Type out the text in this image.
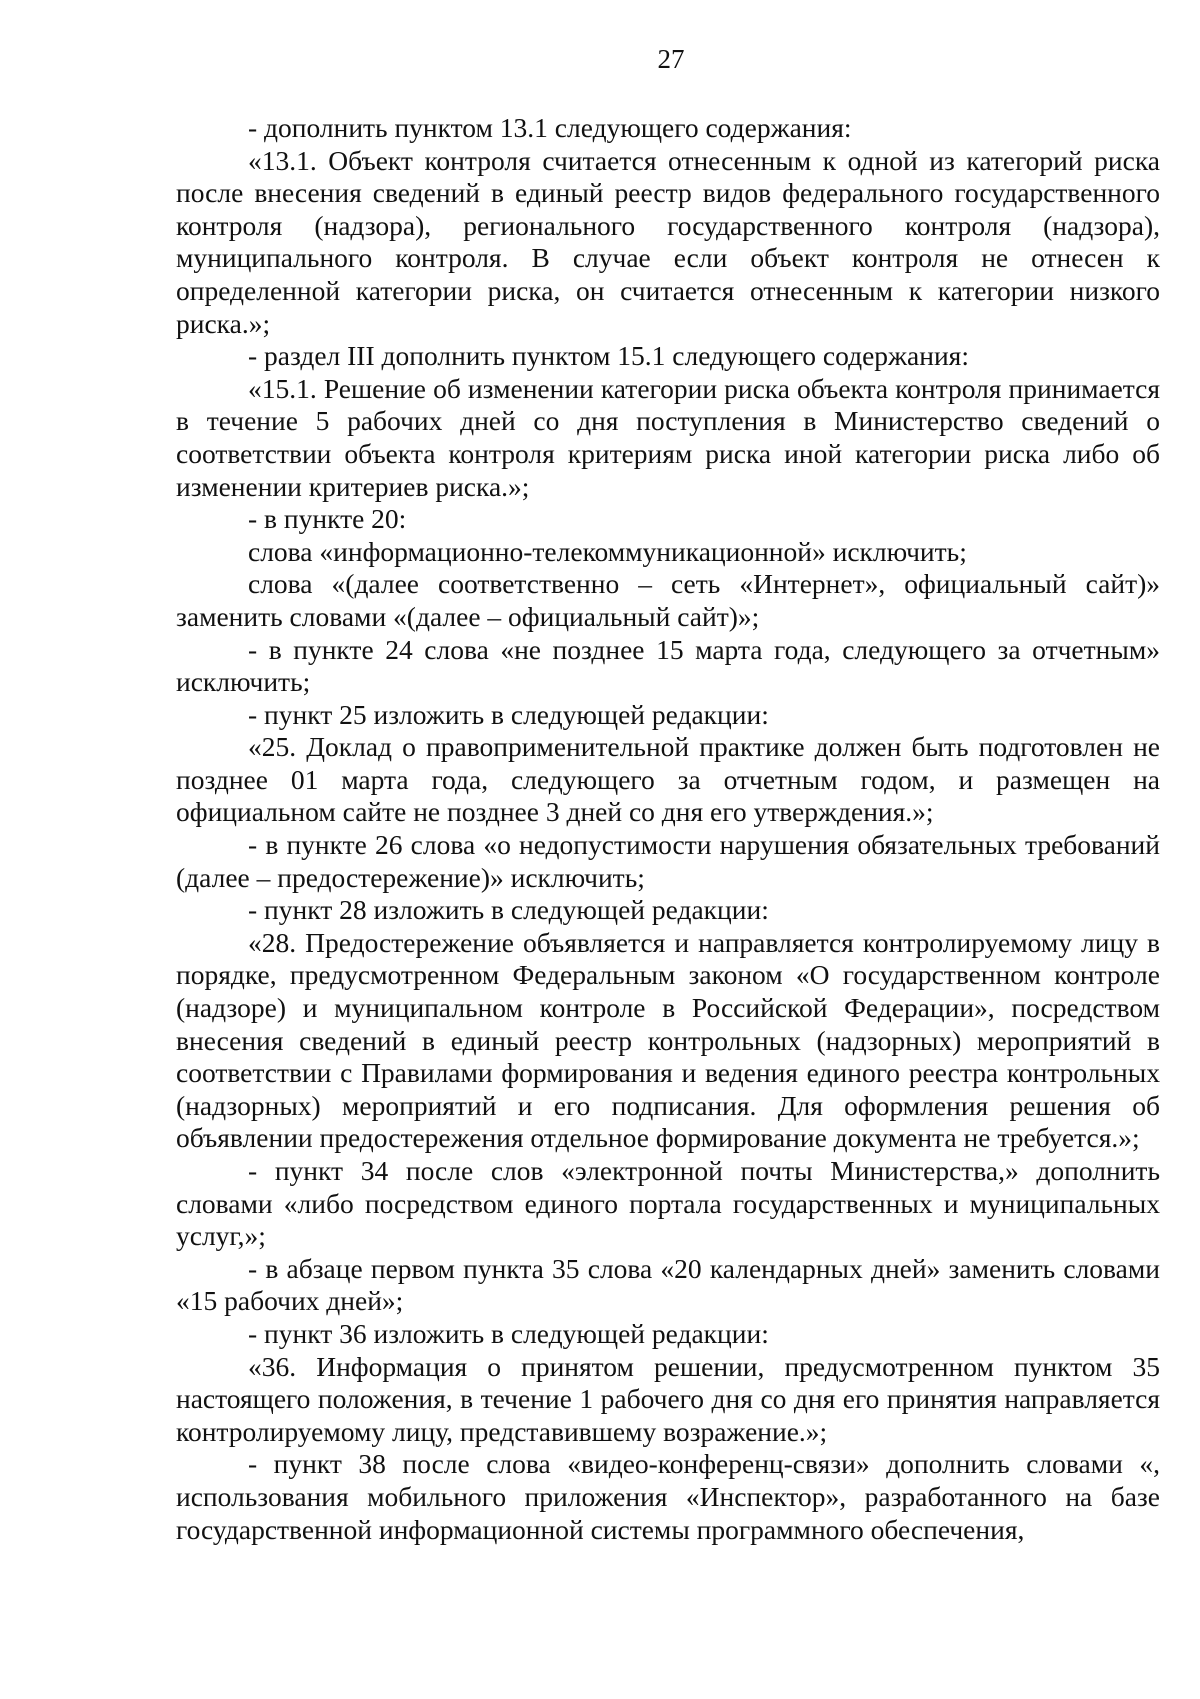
27

- дополнить пунктом 13.1 следующего содержания:

«13.1. Объект контроля считается отнесенным к одной из категорий риска после внесения сведений в единый реестр видов федерального государственного контроля (надзора), регионального государственного контроля (надзора), муниципального контроля. В случае если объект контроля не отнесен к определенной категории риска, он считается отнесенным к категории низкого риска.»;

- раздел III дополнить пунктом 15.1 следующего содержания:

«15.1. Решение об изменении категории риска объекта контроля принимается в течение 5 рабочих дней со дня поступления в Министерство сведений о соответствии объекта контроля критериям риска иной категории риска либо об изменении критериев риска.»;

- в пункте 20:

слова «информационно-телекоммуникационной» исключить;

слова «(далее соответственно – сеть «Интернет», официальный сайт)» заменить словами «(далее – официальный сайт)»;

- в пункте 24 слова «не позднее 15 марта года, следующего за отчетным» исключить;

- пункт 25 изложить в следующей редакции:

«25. Доклад о правоприменительной практике должен быть подготовлен не позднее 01 марта года, следующего за отчетным годом, и размещен на официальном сайте не позднее 3 дней со дня его утверждения.»;

- в пункте 26 слова «о недопустимости нарушения обязательных требований (далее – предостережение)» исключить;

- пункт 28 изложить в следующей редакции:

«28. Предостережение объявляется и направляется контролируемому лицу в порядке, предусмотренном Федеральным законом «О государственном контроле (надзоре) и муниципальном контроле в Российской Федерации», посредством внесения сведений в единый реестр контрольных (надзорных) мероприятий в соответствии с Правилами формирования и ведения единого реестра контрольных (надзорных) мероприятий и его подписания. Для оформления решения об объявлении предостережения отдельное формирование документа не требуется.»;

- пункт 34 после слов «электронной почты Министерства,» дополнить словами «либо посредством единого портала государственных и муниципальных услуг,»;

- в абзаце первом пункта 35 слова «20 календарных дней» заменить словами «15 рабочих дней»;

- пункт 36 изложить в следующей редакции:

«36. Информация о принятом решении, предусмотренном пунктом 35 настоящего положения, в течение 1 рабочего дня со дня его принятия направляется контролируемому лицу, представившему возражение.»;

- пункт 38 после слова «видео-конференц-связи» дополнить словами «, использования мобильного приложения «Инспектор», разработанного на базе государственной информационной системы программного обеспечения,
